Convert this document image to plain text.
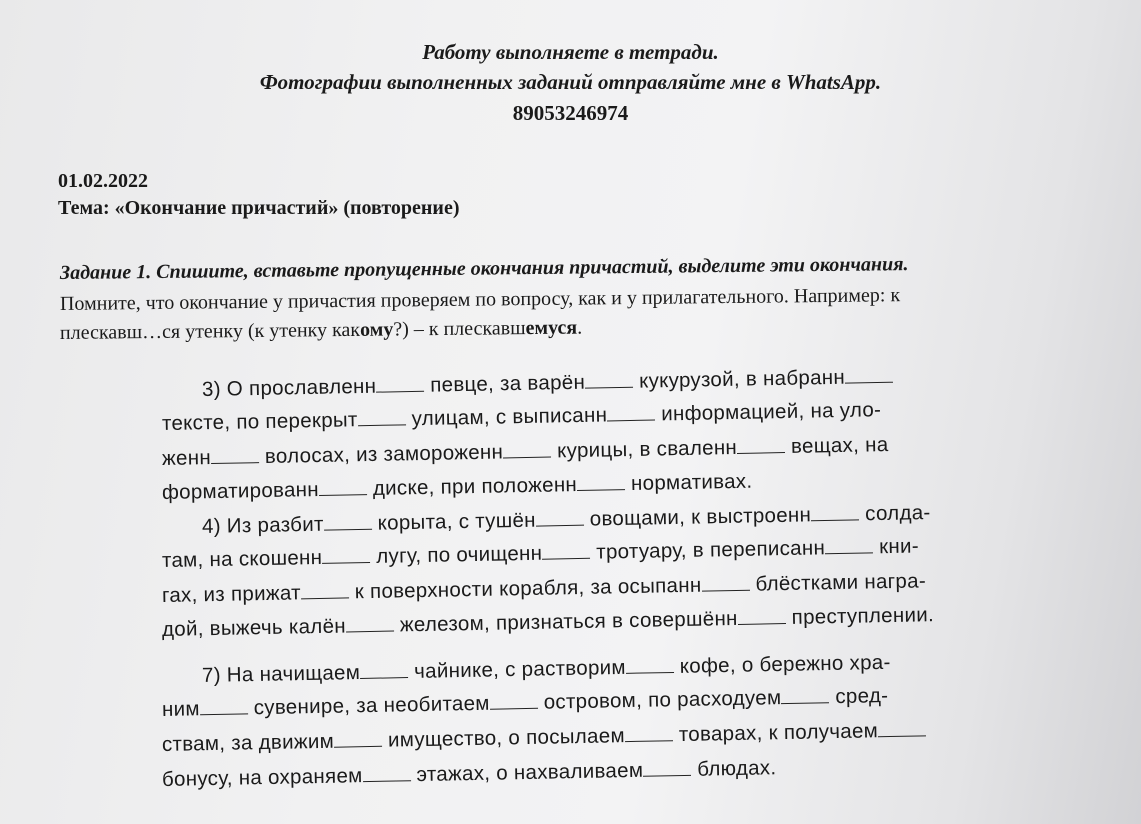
Работу выполняете в тетради.
Фотографии выполненных заданий отправляйте мне в WhatsApp.
89053246974
01.02.2022
Тема: «Окончание причастий» (повторение)
Задание 1. Спишите, вставьте пропущенные окончания причастий, выделите эти окончания.
Помните, что окончание у причастия проверяем по вопросу, как и у прилагательного. Например: к
плескавш…ся утенку (к утенку какому?) – к плескавшемуся.
3) О прославленн певце, за варён кукурузой, в набранн
тексте, по перекрыт улицам, с выписанн информацией, на уло-
женн волосах, из замороженн курицы, в сваленн вещах, на
форматированн диске, при положенн нормативах.
4) Из разбит корыта, с тушён овощами, к выстроенн солда-
там, на скошенн лугу, по очищенн тротуару, в переписанн кни-
гах, из прижат к поверхности корабля, за осыпанн блёстками награ-
дой, выжечь калён железом, признаться в совершённ преступлении.
7) На начищаем чайнике, с растворим кофе, о бережно хра-
ним сувенире, за необитаем островом, по расходуем сред-
ствам, за движим имущество, о посылаем товарах, к получаем
бонусу, на охраняем этажах, о нахваливаем блюдах.
